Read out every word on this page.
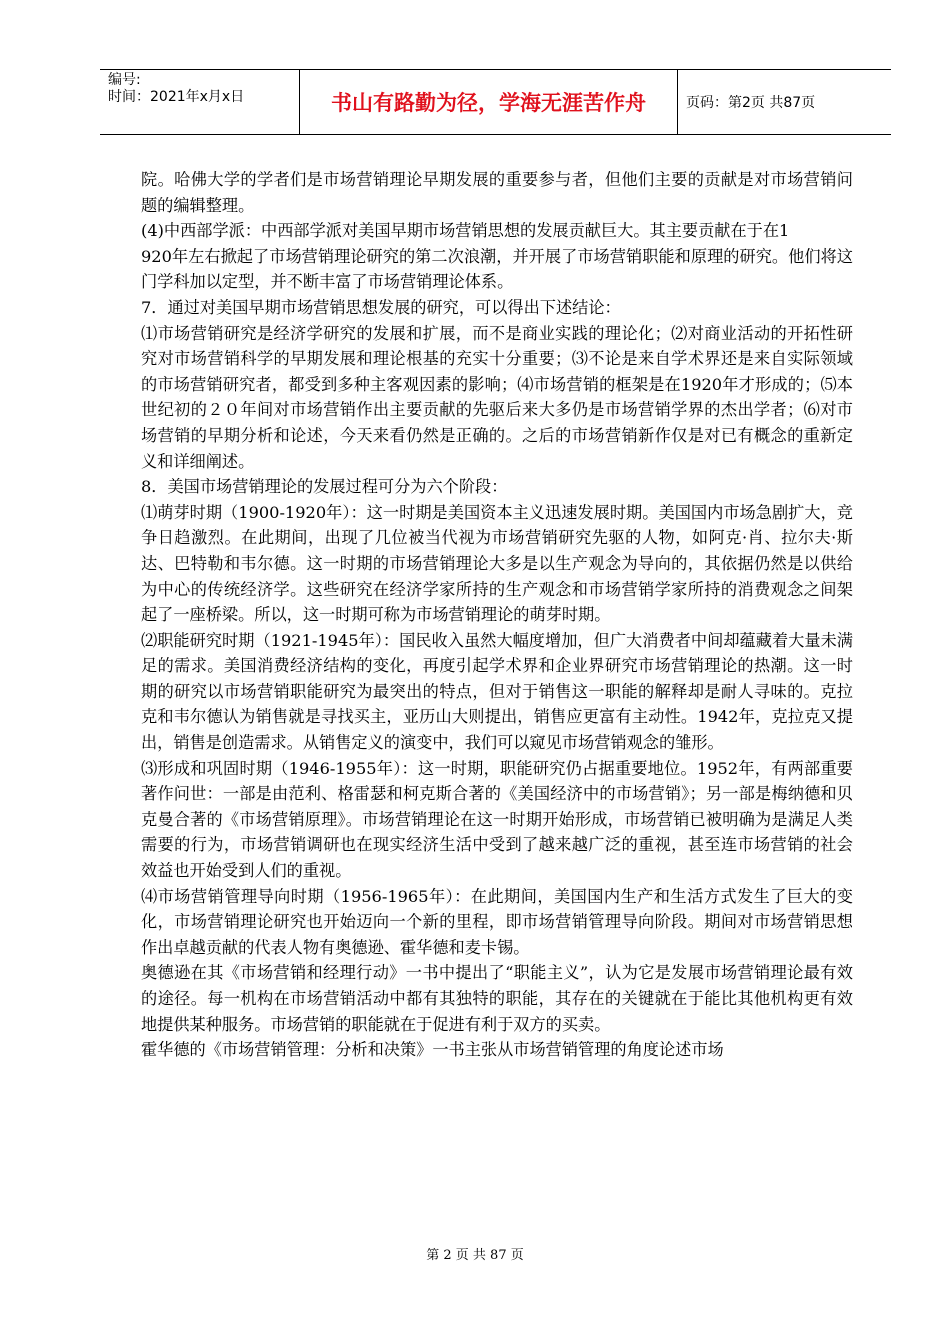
编号:
时间：2021年x月x日	书山有路勤为径，学海无涯苦作舟	页码：第2页 共87页

院。哈佛大学的学者们是市场营销理论早期发展的重要参与者，但他们主要的贡献是对市场营销问题的编辑整理。

(4)中西部学派：中西部学派对美国早期市场营销思想的发展贡献巨大。其主要贡献在于在1

920年左右掀起了市场营销理论研究的第二次浪潮，并开展了市场营销职能和原理的研究。他们将这门学科加以定型，并不断丰富了市场营销理论体系。

7．通过对美国早期市场营销思想发展的研究，可以得出下述结论：

⑴市场营销研究是经济学研究的发展和扩展，而不是商业实践的理论化；⑵对商业活动的开拓性研究对市场营销科学的早期发展和理论根基的充实十分重要；⑶不论是来自学术界还是来自实际领域的市场营销研究者，都受到多种主客观因素的影响；⑷市场营销的框架是在1920年才形成的；⑸本世纪初的２０年间对市场营销作出主要贡献的先驱后来大多仍是市场营销学界的杰出学者；⑹对市场营销的早期分析和论述，今天来看仍然是正确的。之后的市场营销新作仅是对已有概念的重新定义和详细阐述。

8．美国市场营销理论的发展过程可分为六个阶段：

⑴萌芽时期（1900-1920年）：这一时期是美国资本主义迅速发展时期。美国国内市场急剧扩大，竞争日趋激烈。在此期间，出现了几位被当代视为市场营销研究先驱的人物，如阿克·肖、拉尔夫·斯达、巴特勒和韦尔德。这一时期的市场营销理论大多是以生产观念为导向的，其依据仍然是以供给为中心的传统经济学。这些研究在经济学家所持的生产观念和市场营销学家所持的消费观念之间架起了一座桥梁。所以，这一时期可称为市场营销理论的萌芽时期。

⑵职能研究时期（1921-1945年）：国民收入虽然大幅度增加，但广大消费者中间却蕴藏着大量未满足的需求。美国消费经济结构的变化，再度引起学术界和企业界研究市场营销理论的热潮。这一时期的研究以市场营销职能研究为最突出的特点，但对于销售这一职能的解释却是耐人寻味的。克拉克和韦尔德认为销售就是寻找买主，亚历山大则提出，销售应更富有主动性。1942年，克拉克又提出，销售是创造需求。从销售定义的演变中，我们可以窥见市场营销观念的雏形。

⑶形成和巩固时期（1946-1955年）：这一时期，职能研究仍占据重要地位。1952年，有两部重要著作问世：一部是由范利、格雷瑟和柯克斯合著的《美国经济中的市场营销》；另一部是梅纳德和贝克曼合著的《市场营销原理》。市场营销理论在这一时期开始形成，市场营销已被明确为是满足人类需要的行为，市场营销调研也在现实经济生活中受到了越来越广泛的重视，甚至连市场营销的社会效益也开始受到人们的重视。

⑷市场营销管理导向时期（1956-1965年）：在此期间，美国国内生产和生活方式发生了巨大的变化，市场营销理论研究也开始迈向一个新的里程，即市场营销管理导向阶段。期间对市场营销思想作出卓越贡献的代表人物有奥德逊、霍华德和麦卡锡。

奥德逊在其《市场营销和经理行动》一书中提出了“职能主义”，认为它是发展市场营销理论最有效的途径。每一机构在市场营销活动中都有其独特的职能，其存在的关键就在于能比其他机构更有效地提供某种服务。市场营销的职能就在于促进有利于双方的买卖。

霍华德的《市场营销管理：分析和决策》一书主张从市场营销管理的角度论述市场

第 2 页 共 87 页
